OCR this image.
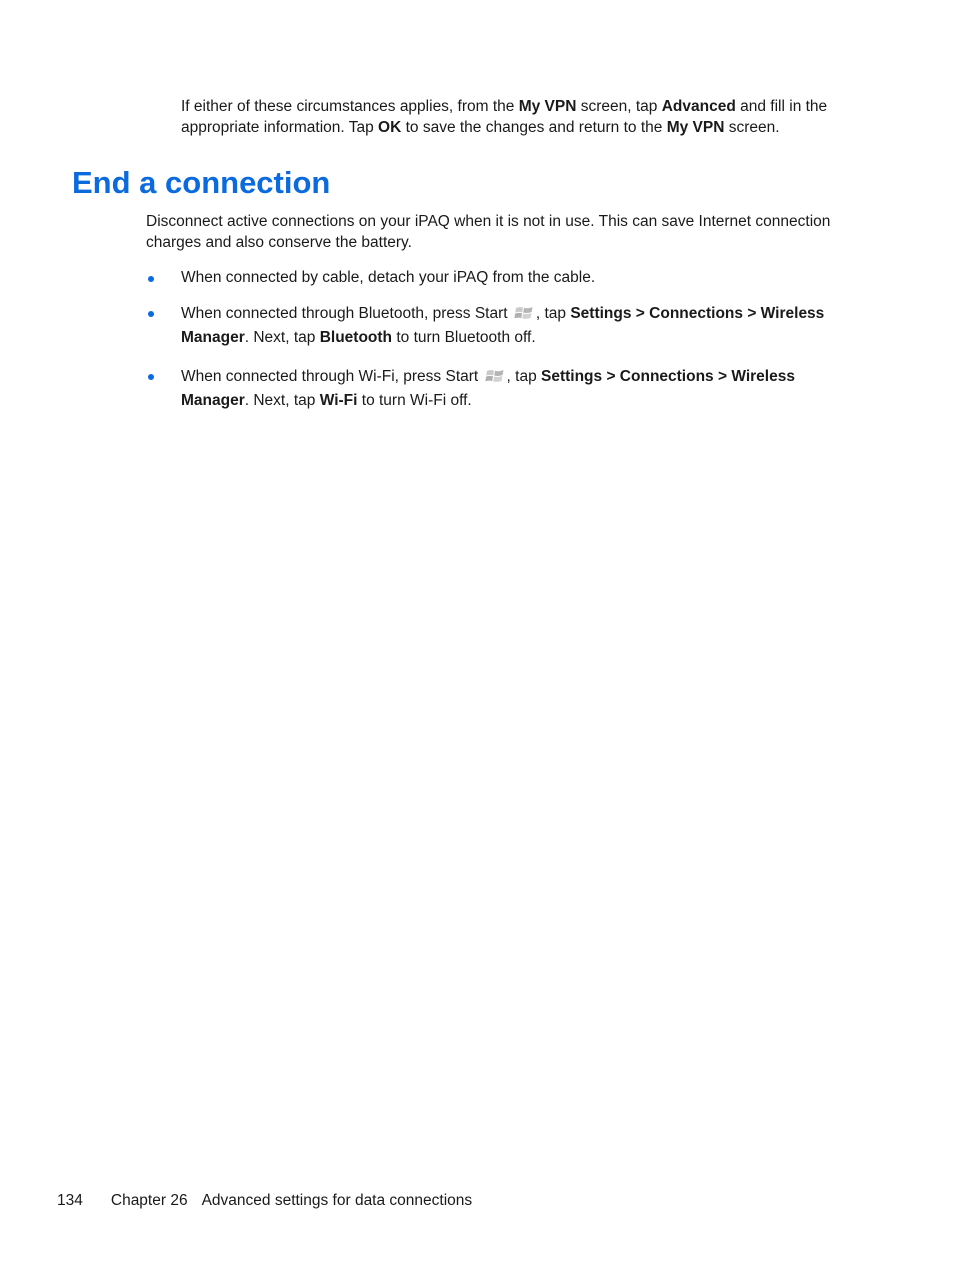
If either of these circumstances applies, from the My VPN screen, tap Advanced and fill in the appropriate information. Tap OK to save the changes and return to the My VPN screen.
End a connection
Disconnect active connections on your iPAQ when it is not in use. This can save Internet connection charges and also conserve the battery.
When connected by cable, detach your iPAQ from the cable.
When connected through Bluetooth, press Start , tap Settings > Connections > Wireless Manager. Next, tap Bluetooth to turn Bluetooth off.
When connected through Wi-Fi, press Start , tap Settings > Connections > Wireless Manager. Next, tap Wi-Fi to turn Wi-Fi off.
134 Chapter 26 Advanced settings for data connections
